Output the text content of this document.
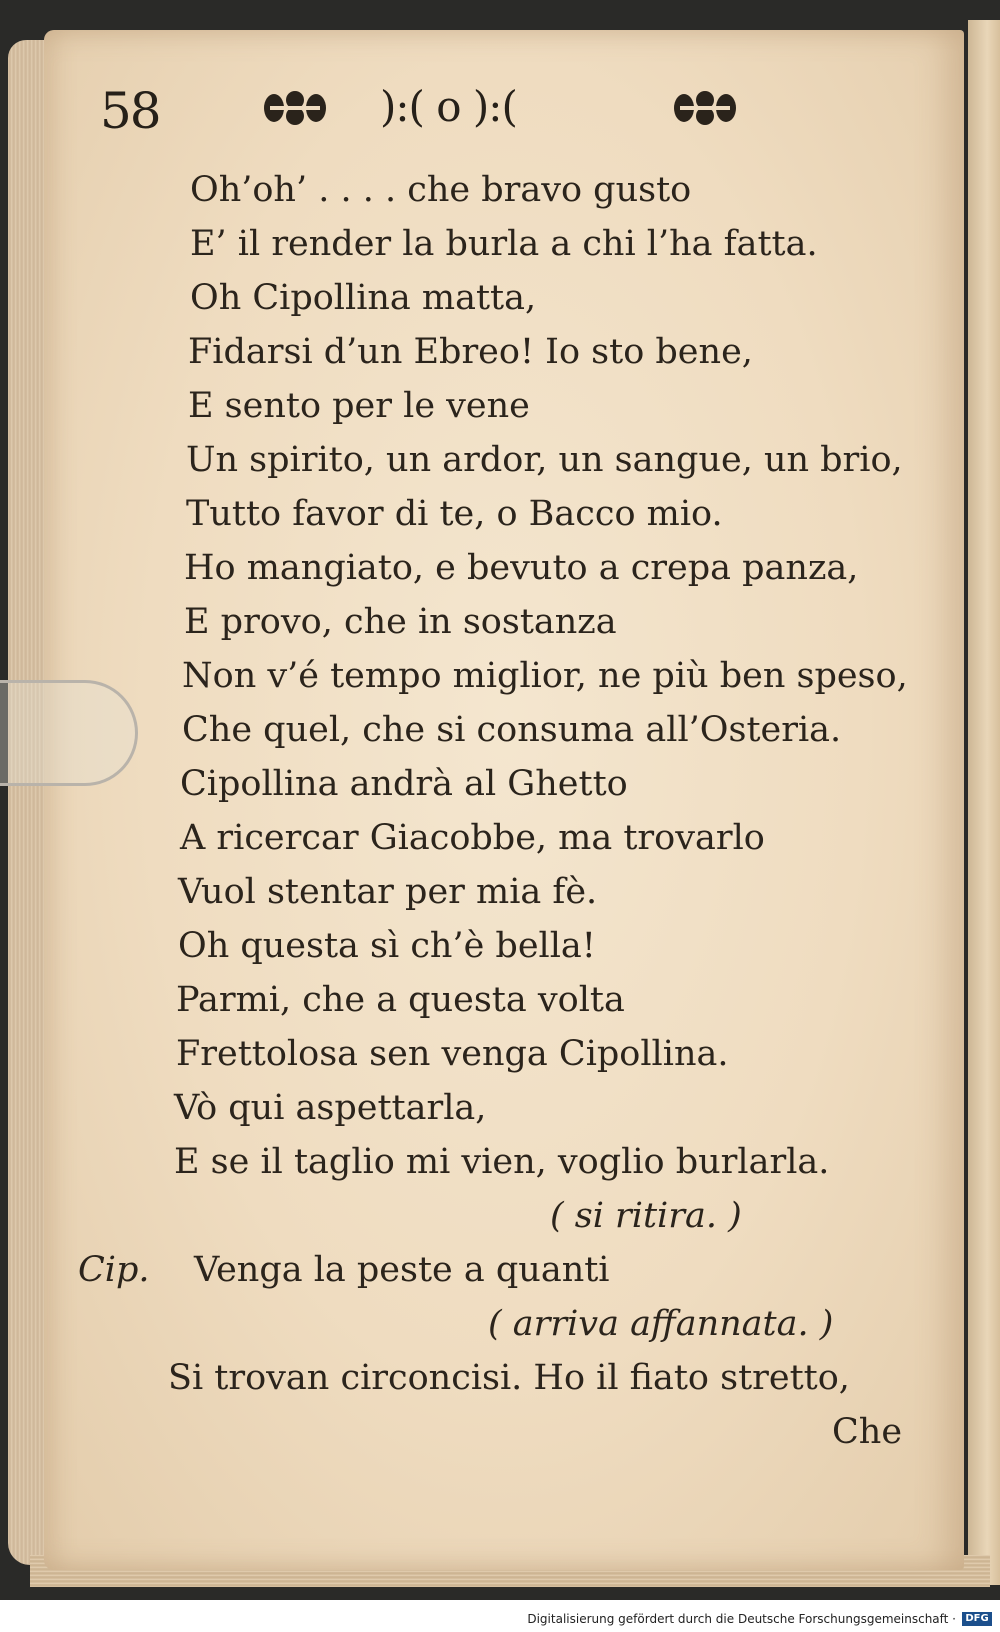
58	):( o ):(
Oh’oh’ . . . . che bravo gusto
E’ il render la burla a chi l’ha fatta.
Oh Cipollina matta,
Fidarsi d’un Ebreo! Io sto bene,
E sento per le vene
Un spirito, un ardor, un sangue, un brio,
Tutto favor di te, o Bacco mio.
Ho mangiato, e bevuto a crepa panza,
E provo, che in sostanza
Non v’é tempo miglior, ne più ben speso,
Che quel, che si consuma all’Osteria.
Cipollina andrà al Ghetto
A ricercar Giacobbe, ma trovarlo
Vuol stentar per mia fè.
Oh questa sì ch’è bella!
Parmi, che a questa volta
Frettolosa sen venga Cipollina.
Vò qui aspettarla,
E se il taglio mi vien, voglio burlarla.
( si ritira. )
Cip. Venga la peste a quanti
( arriva affannata. )
Si trovan circoncisi. Ho il fiato stretto,
Che
Digitalisierung gefördert durch die Deutsche Forschungsgemeinschaft · DFG
